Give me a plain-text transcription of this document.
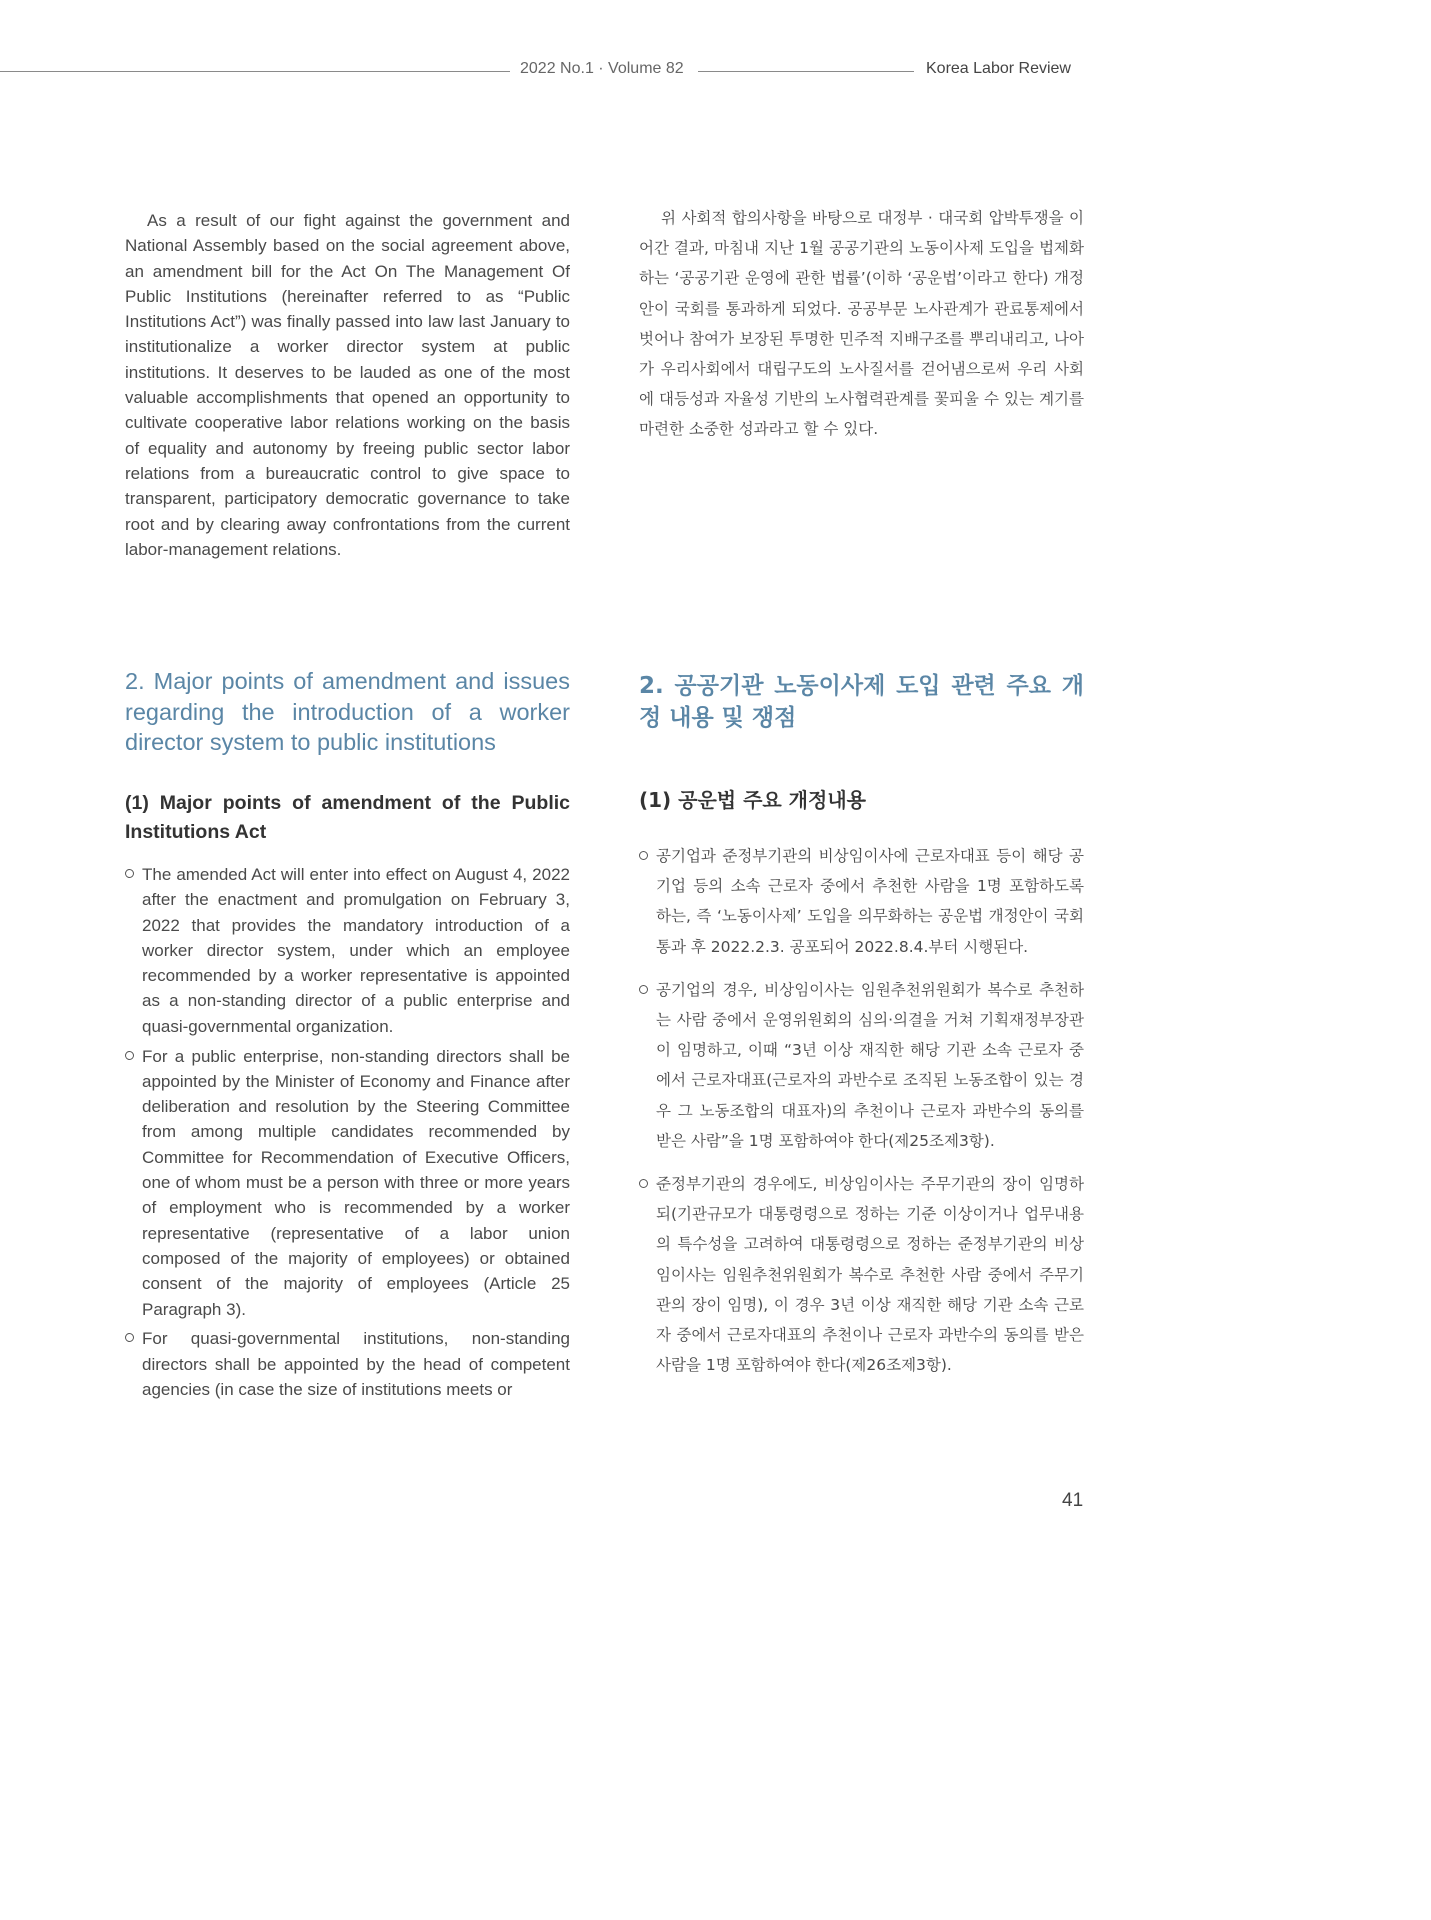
2022 No.1 · Volume 82	Korea Labor Review

As a result of our fight against the government and National Assembly based on the social agreement above, an amendment bill for the Act On The Management Of Public Institutions (hereinafter referred to as “Public Institutions Act”) was finally passed into law last January to institutionalize a worker director system at public institutions. It deserves to be lauded as one of the most valuable accomplishments that opened an opportunity to cultivate cooperative labor relations working on the basis of equality and autonomy by freeing public sector labor relations from a bureaucratic control to give space to transparent, participatory democratic governance to take root and by clearing away confrontations from the current labor-management relations.

위 사회적 합의사항을 바탕으로 대정부 · 대국회 압박투쟁을 이어간 결과, 마침내 지난 1월 공공기관의 노동이사제 도입을 법제화하는 ‘공공기관 운영에 관한 법률’(이하 ‘공운법’이라고 한다) 개정안이 국회를 통과하게 되었다. 공공부문 노사관계가 관료통제에서 벗어나 참여가 보장된 투명한 민주적 지배구조를 뿌리내리고, 나아가 우리사회에서 대립구도의 노사질서를 걷어냄으로써 우리 사회에 대등성과 자율성 기반의 노사협력관계를 꽃피울 수 있는 계기를 마련한 소중한 성과라고 할 수 있다.

2. Major points of amendment and issues regarding the introduction of a worker director system to public institutions
2. 공공기관 노동이사제 도입 관련 주요 개정 내용 및 쟁점
(1) Major points of amendment of the Public Institutions Act
(1) 공운법 주요 개정내용
The amended Act will enter into effect on August 4, 2022 after the enactment and promulgation on February 3, 2022 that provides the mandatory introduction of a worker director system, under which an employee recommended by a worker representative is appointed as a non-standing director of a public enterprise and quasi-governmental organization.
For a public enterprise, non-standing directors shall be appointed by the Minister of Economy and Finance after deliberation and resolution by the Steering Committee from among multiple candidates recommended by Committee for Recommendation of Executive Officers, one of whom must be a person with three or more years of employment who is recommended by a worker representative (representative of a labor union composed of the majority of employees) or obtained consent of the majority of employees (Article 25 Paragraph 3).
For quasi-governmental institutions, non-standing directors shall be appointed by the head of competent agencies (in case the size of institutions meets or
공기업과 준정부기관의 비상임이사에 근로자대표 등이 해당 공기업 등의 소속 근로자 중에서 추천한 사람을 1명 포함하도록 하는, 즉 ‘노동이사제’ 도입을 의무화하는 공운법 개정안이 국회통과 후 2022.2.3. 공포되어 2022.8.4.부터 시행된다.
공기업의 경우, 비상임이사는 임원추천위원회가 복수로 추천하는 사람 중에서 운영위원회의 심의·의결을 거쳐 기획재정부장관이 임명하고, 이때 “3년 이상 재직한 해당 기관 소속 근로자 중에서 근로자대표(근로자의 과반수로 조직된 노동조합이 있는 경우 그 노동조합의 대표자)의 추천이나 근로자 과반수의 동의를 받은 사람”을 1명 포함하여야 한다(제25조제3항).
준정부기관의 경우에도, 비상임이사는 주무기관의 장이 임명하되(기관규모가 대통령령으로 정하는 기준 이상이거나 업무내용의 특수성을 고려하여 대통령령으로 정하는 준정부기관의 비상임이사는 임원추천위원회가 복수로 추천한 사람 중에서 주무기관의 장이 임명), 이 경우 3년 이상 재직한 해당 기관 소속 근로자 중에서 근로자대표의 추천이나 근로자 과반수의 동의를 받은 사람을 1명 포함하여야 한다(제26조제3항).
41
